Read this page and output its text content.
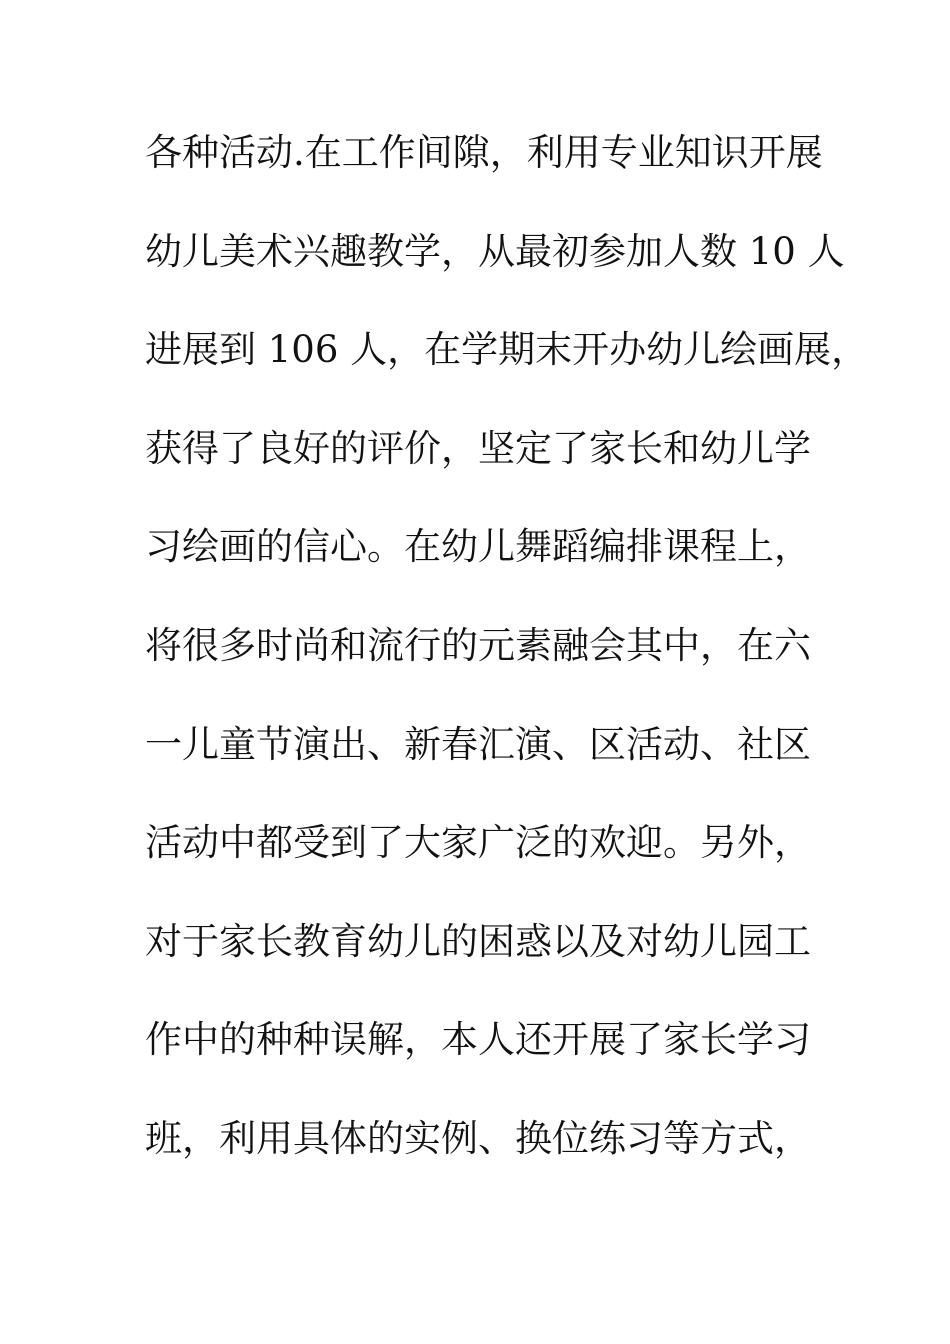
各种活动.在工作间隙，利用专业知识开展
幼儿美术兴趣教学，从最初参加人数 10 人
进展到 106 人，在学期末开办幼儿绘画展，
获得了良好的评价，坚定了家长和幼儿学
习绘画的信心。在幼儿舞蹈编排课程上，
将很多时尚和流行的元素融会其中，在六
一儿童节演出、新春汇演、区活动、社区
活动中都受到了大家广泛的欢迎。另外，
对于家长教育幼儿的困惑以及对幼儿园工
作中的种种误解，本人还开展了家长学习
班，利用具体的实例、换位练习等方式，
